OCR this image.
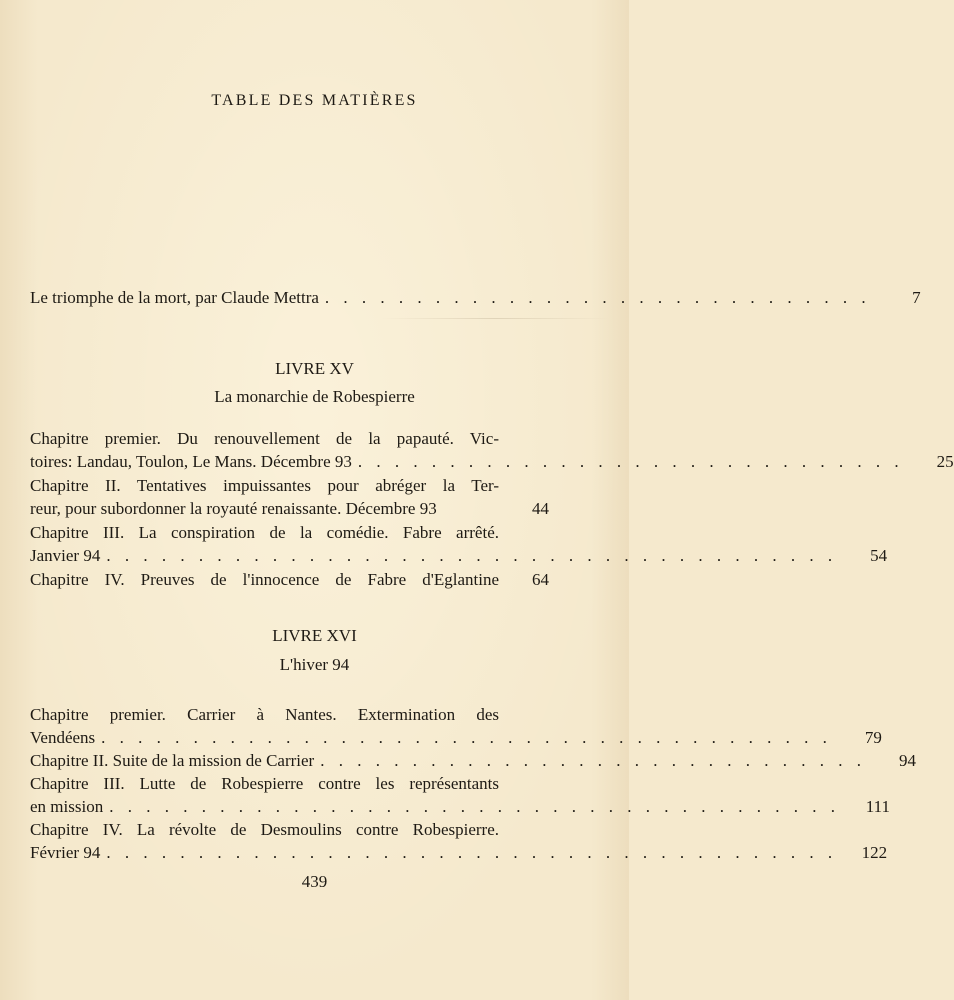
TABLE DES MATIÈRES
Le triomphe de la mort, par Claude Mettra . . . . . . . . . . . . . . . . . . . . . . . . . . . . . .	7
LIVRE XV
La monarchie de Robespierre
Chapitre premier. Du renouvellement de la papauté. Vic-
toires: Landau, Toulon, Le Mans. Décembre 93 . . . . . . . . . . . . . . . . . . . . . . . . . . . . . .	25
Chapitre II. Tentatives impuissantes pour abréger la Ter-
reur, pour subordonner la royauté renaissante. Décembre 93	44
Chapitre III. La conspiration de la comédie. Fabre arrêté.
Janvier 94 . . . . . . . . . . . . . . . . . . . . . . . . . . . . . . . . . . . . . . . .	54
Chapitre IV. Preuves de l'innocence de Fabre d'Eglantine	64
LIVRE XVI
L'hiver 94
Chapitre premier. Carrier à Nantes. Extermination des
Vendéens . . . . . . . . . . . . . . . . . . . . . . . . . . . . . . . . . . . . . . . .	79
Chapitre II. Suite de la mission de Carrier . . . . . . . . . . . . . . . . . . . . . . . . . . . . . .	94
Chapitre III. Lutte de Robespierre contre les représentants
en mission . . . . . . . . . . . . . . . . . . . . . . . . . . . . . . . . . . . . . . . .	111
Chapitre IV. La révolte de Desmoulins contre Robespierre.
Février 94 . . . . . . . . . . . . . . . . . . . . . . . . . . . . . . . . . . . . . . . .	122
439
